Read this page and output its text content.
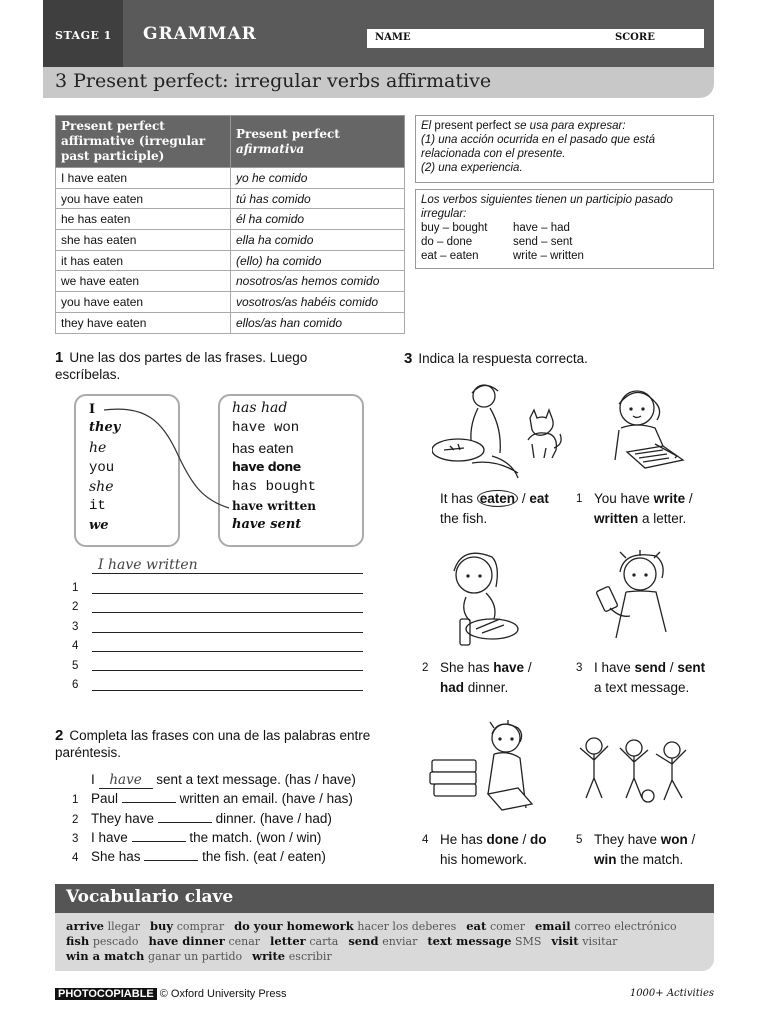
STAGE 1 GRAMMAR	NAME	SCORE
3 Present perfect: irregular verbs affirmative
Present perfect affirmative (irregular past participle)	Present perfect afirmativa
I have eaten	yo he comido
you have eaten	tú has comido
he has eaten	él ha comido
she has eaten	ella ha comido
it has eaten	(ello) ha comido
we have eaten	nosotros/as hemos comido
you have eaten	vosotros/as habéis comido
they have eaten	ellos/as han comido
El present perfect se usa para expresar:
(1) una acción ocurrida en el pasado que está relacionada con el presente.
(2) una experiencia.
Los verbos siguientes tienen un participio pasado irregular:
buy – bought	have – had
do – done	send – sent
eat – eaten	write – written
1 Une las dos partes de las frases. Luego escríbelas.
I
they
he
you
she
it
we
has had
have won
has eaten
have done
has bought
have written
have sent
I have written
1
2
3
4
5
6
2 Completa las frases con una de las palabras entre paréntesis.
I have sent a text message. (has / have)
1 Paul	written an email. (have / has)
2 They have	dinner. (have / had)
3 I have	the match. (won / win)
4 She has	the fish. (eat / eaten)
3 Indica la respuesta correcta.
It has eaten / eat
the fish.
1 You have write /
written a letter.
2 She has have /
had dinner.
3 I have send / sent
a text message.
4 He has done / do
his homework.
5 They have won /
win the match.
Vocabulario clave
arrive llegar buy comprar do your homework hacer los deberes eat comer email correo electrónicofish pescado have dinner cenar letter carta send enviar text message SMS visit visitarwin a match ganar un partido write escribir
PHOTOCOPIABLE © Oxford University Press	1000+ Activities
